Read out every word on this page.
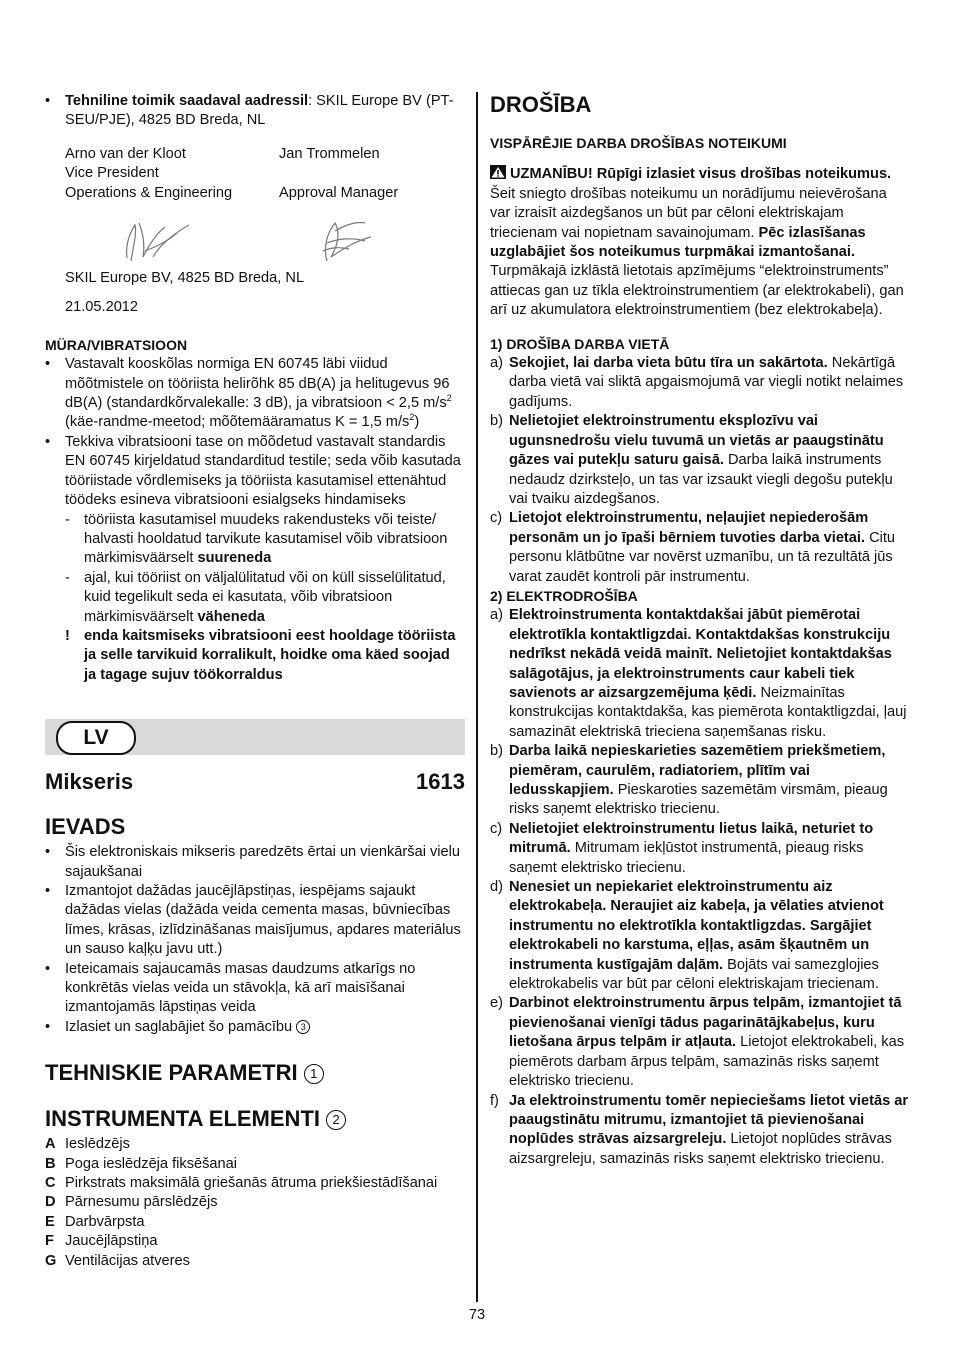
• Tehniline toimik saadaval aadressil: SKIL Europe BV (PT-SEU/PJE), 4825 BD Breda, NL
Arno van der Kloot
Vice President
Operations & Engineering
Jan Trommelen

Approval Manager
SKIL Europe BV, 4825 BD Breda, NL
21.05.2012
MÜRA/VIBRATSIOON
• Vastavalt kooskõlas normiga EN 60745 läbi viidud mõõtmistele on tööriista helirõhk 85 dB(A) ja helitugevus 96 dB(A) (standardkõrvalekalle: 3 dB), ja vibratsioon < 2,5 $m/s^2$ (käe-randme-meetod; mõõtemääramatus K = 1,5 $m/s^2$)
• Tekkiva vibratsiooni tase on mõõdetud vastavalt standardis EN 60745 kirjeldatud standarditud testile; seda võib kasutada tööriistade võrdlemiseks ja tööriista kasutamisel ettenähtud töödeks esineva vibratsiooni esialgseks hindamiseks
- tööriista kasutamisel muudeks rakendusteks või teiste/ halvasti hooldatud tarvikute kasutamisel võib vibratsioon märkimisväärselt suureneda
- ajal, kui tööriist on väljalülitatud või on küll sisselülitatud, kuid tegelikult seda ei kasutata, võib vibratsioon märkimisväärselt väheneda
! enda kaitsmiseks vibratsiooni eest hooldage tööriista ja selle tarvikuid korralikult, hoidke oma käed soojad ja tagage sujuv töökorraldus
LV
Mikseris	1613
IEVADS
• Šis elektroniskais mikseris paredzēts ērtai un vienkāršai vielu sajaukšanai
• Izmantojot dažādas jaucējlāpstiņas, iespējams sajaukt dažādas vielas (dažāda veida cementa masas, būvniecības līmes, krāsas, izlīdzināšanas maisījumus, apdares materiālus un sauso kaļķu javu utt.)
• Ieteicamais sajaucamās masas daudzums atkarīgs no konkrētās vielas veida un stāvokļa, kā arī maisīšanai izmantojamās lāpstiņas veida
• Izlasiet un saglabājiet šo pamācību 3
TEHNISKIE PARAMETRI 1
INSTRUMENTA ELEMENTI 2
A Ieslēdzējs
B Poga ieslēdzēja fiksēšanai
C Pirkstrats maksimālā griešanās ātruma priekšiestādīšanai
D Pārnesumu pārslēdzējs
E Darbvārpsta
F Jaucējlāpstiņa
G Ventilācijas atveres
DROŠĪBA
VISPĀRĒJIE DARBA DROŠĪBAS NOTEIKUMI
UZMANĪBU! Rūpīgi izlasiet visus drošības noteikumus. Šeit sniegto drošības noteikumu un norādījumu neievērošana var izraisīt aizdegšanos un būt par cēloni elektriskajam triecienam vai nopietnam savainojumam. Pēc izlasīšanas uzglabājiet šos noteikumus turpmākai izmantošanai. Turpmākajā izklāstā lietotais apzīmējums “elektroinstruments” attiecas gan uz tīkla elektroinstrumentiem (ar elektrokabeli), gan arī uz akumulatora elektroinstrumentiem (bez elektrokabeļa).
1) DROŠĪBA DARBA VIETĀ
a) Sekojiet, lai darba vieta būtu tīra un sakārtota. Nekārtīgā darba vietā vai sliktā apgaismojumā var viegli notikt nelaimes gadījums.
b) Nelietojiet elektroinstrumentu eksplozīvu vai ugunsnedrošu vielu tuvumā un vietās ar paaugstinātu gāzes vai putekļu saturu gaisā. Darba laikā instruments nedaudz dzirksteļo, un tas var izsaukt viegli degošu putekļu vai tvaiku aizdegšanos.
c) Lietojot elektroinstrumentu, neļaujiet nepiederošām personām un jo īpaši bērniem tuvoties darba vietai. Citu personu klātbūtne var novērst uzmanību, un tā rezultātā jūs varat zaudēt kontroli pār instrumentu.
2) ELEKTRODROŠĪBA
a) Elektroinstrumenta kontaktdakšai jābūt piemērotai elektrotīkla kontaktligzdai. Kontaktdakšas konstrukciju nedrīkst nekādā veidā mainīt. Nelietojiet kontaktdakšas salāgotājus, ja elektroinstruments caur kabeli tiek savienots ar aizsargzemējuma ķēdi. Neizmainītas konstrukcijas kontaktdakša, kas piemērota kontaktligzdai, ļauj samazināt elektriskā trieciena saņemšanas risku.
b) Darba laikā nepieskarieties sazemētiem priekšmetiem, piemēram, caurulēm, radiatoriem, plītīm vai ledusskapjiem. Pieskaroties sazemētām virsmām, pieaug risks saņemt elektrisko triecienu.
c) Nelietojiet elektroinstrumentu lietus laikā, neturiet to mitrumā. Mitrumam iekļūstot instrumentā, pieaug risks saņemt elektrisko triecienu.
d) Nenesiet un nepiekariet elektroinstrumentu aiz elektrokabeļa. Neraujiet aiz kabeļa, ja vēlaties atvienot instrumentu no elektrotīkla kontaktligzdas. Sargājiet elektrokabeli no karstuma, eļļas, asām šķautnēm un instrumenta kustīgajām daļām. Bojāts vai samezglojies elektrokabelis var būt par cēloni elektriskajam triecienam.
e) Darbinot elektroinstrumentu ārpus telpām, izmantojiet tā pievienošanai vienīgi tādus pagarinātājkabeļus, kuru lietošana ārpus telpām ir atļauta. Lietojot elektrokabeli, kas piemērots darbam ārpus telpām, samazinās risks saņemt elektrisko triecienu.
f) Ja elektroinstrumentu tomēr nepieciešams lietot vietās ar paaugstinātu mitrumu, izmantojiet tā pievienošanai noplūdes strāvas aizsargreleju. Lietojot noplūdes strāvas aizsargreleju, samazinās risks saņemt elektrisko triecienu.
73
